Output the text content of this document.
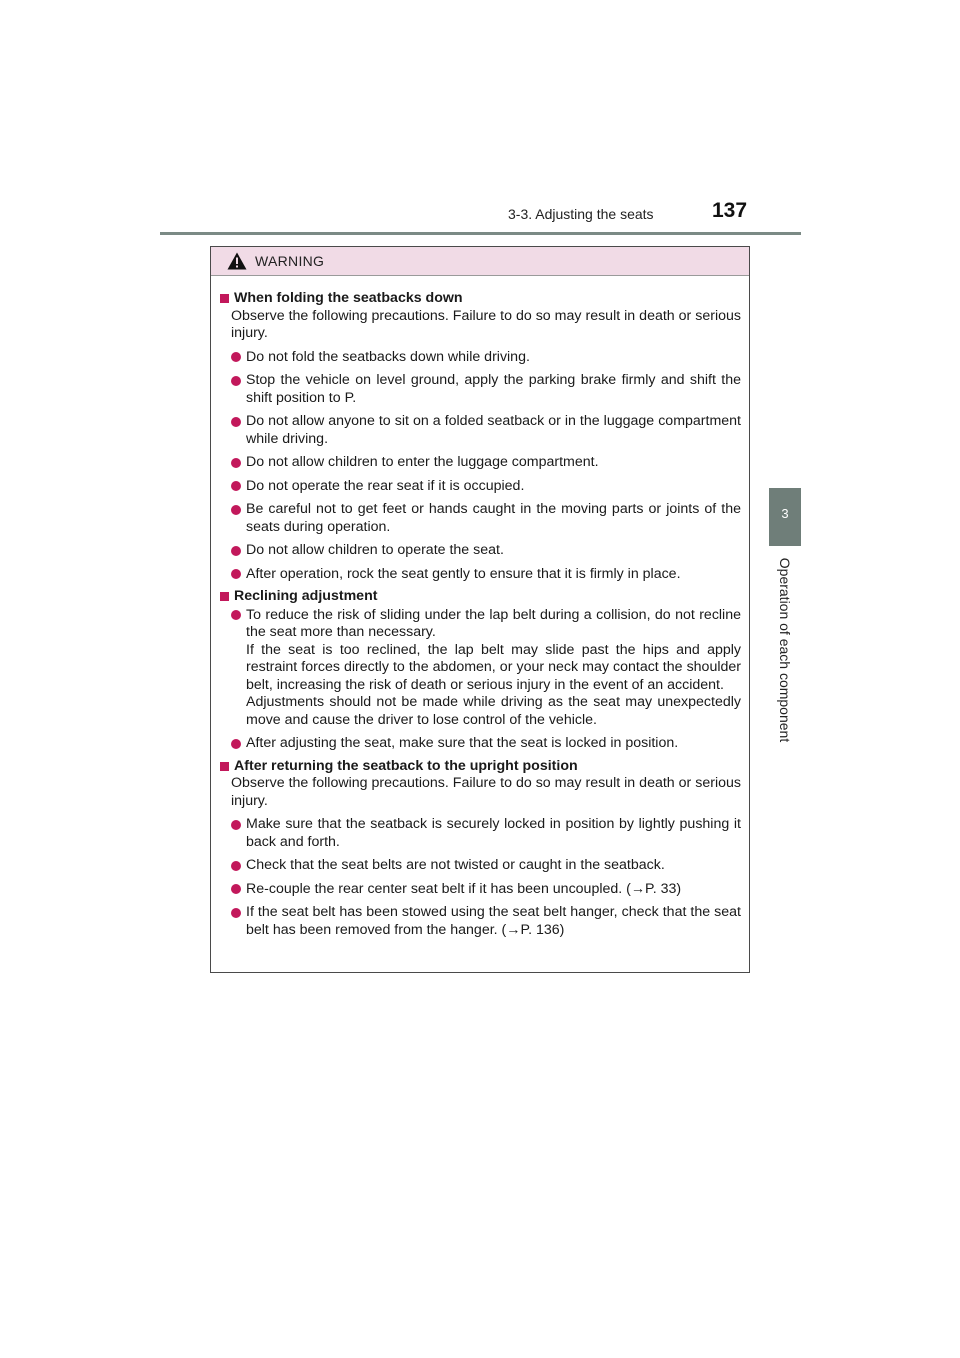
3-3. Adjusting the seats	137
3
Operation of each component
WARNING
When folding the seatbacks down
Observe the following precautions. Failure to do so may result in death or serious injury.
Do not fold the seatbacks down while driving.
Stop the vehicle on level ground, apply the parking brake firmly and shift the shift position to P.
Do not allow anyone to sit on a folded seatback or in the luggage compartment while driving.
Do not allow children to enter the luggage compartment.
Do not operate the rear seat if it is occupied.
Be careful not to get feet or hands caught in the moving parts or joints of the seats during operation.
Do not allow children to operate the seat.
After operation, rock the seat gently to ensure that it is firmly in place.
Reclining adjustment
To reduce the risk of sliding under the lap belt during a collision, do not recline the seat more than necessary.
If the seat is too reclined, the lap belt may slide past the hips and apply restraint forces directly to the abdomen, or your neck may contact the shoulder belt, increasing the risk of death or serious injury in the event of an accident.
Adjustments should not be made while driving as the seat may unexpectedly move and cause the driver to lose control of the vehicle.
After adjusting the seat, make sure that the seat is locked in position.
After returning the seatback to the upright position
Observe the following precautions. Failure to do so may result in death or serious injury.
Make sure that the seatback is securely locked in position by lightly pushing it back and forth.
Check that the seat belts are not twisted or caught in the seatback.
Re-couple the rear center seat belt if it has been uncoupled. (→P. 33)
If the seat belt has been stowed using the seat belt hanger, check that the seat belt has been removed from the hanger. (→P. 136)
